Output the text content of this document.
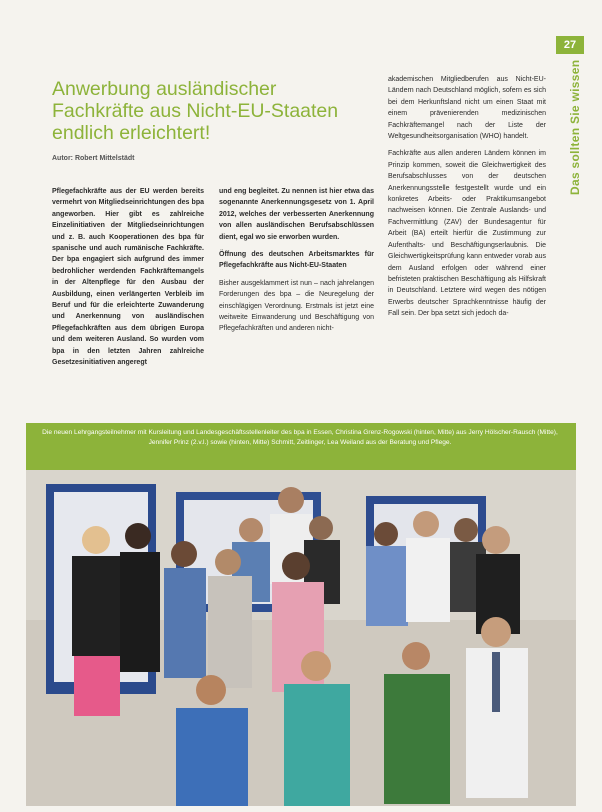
27
Das sollten Sie wissen
Anwerbung ausländischer Fachkräfte aus Nicht-EU-Staaten endlich erleichtert!
Autor: Robert Mittelstädt

Pflegefachkräfte aus der EU werden bereits vermehrt von Mitgliedseinrichtungen des bpa angeworben. Hier gibt es zahlreiche Einzelinitiativen der Mitgliedseinrichtungen und z. B. auch Kooperationen des bpa für spanische und auch rumänische Fachkräfte. Der bpa engagiert sich aufgrund des immer bedrohlicher werdenden Fachkräftemangels in der Altenpflege für den Ausbau der Ausbildung, einen verlängerten Verbleib im Beruf und für die erleichterte Zuwanderung und Anerkennung von ausländischen Pflegefachkräften aus dem übrigen Europa und dem weiteren Ausland. So wurden vom bpa in den letzten Jahren zahlreiche Gesetzesinitiativen angeregt

und eng begleitet. Zu nennen ist hier etwa das sogenannte Anerkennungsgesetz von 1. April 2012, welches der verbesserten Anerkennung von allen ausländischen Berufsabschlüssen dient, egal wo sie erworben wurden.

Öffnung des deutschen Arbeitsmarktes für Pflegefachkräfte aus Nicht-EU-Staaten

Bisher ausgeklammert ist nun – nach jahrelangen Forderungen des bpa – die Neuregelung der einschlägigen Verordnung. Erstmals ist jetzt eine weitweite Einwanderung und Beschäftigung von Pflegefachkräften und anderen nicht-

akademischen Mitgliedberufen aus Nicht-EU-Ländern nach Deutschland möglich, sofern es sich bei dem Herkunftsland nicht um einen Staat mit einem prävenierenden medizinischen Fachkräftemangel nach der Liste der Weltgesundheitsorganisation (WHO) handelt.

Fachkräfte aus allen anderen Ländern können im Prinzip kommen, soweit die Gleichwertigkeit des Berufsabschlusses von der deutschen Anerkennungsstelle festgestellt wurde und ein konkretes Arbeits- oder Praktikumsangebot nachweisen können. Die Zentrale Auslands- und Fachvermittlung (ZAV) der Bundesagentur für Arbeit (BA) erteilt hierfür die Zustimmung zur Aufenthalts- und Beschäftigungserlaubnis. Die Gleichwertigkeitsprüfung kann entweder vorab aus dem Ausland erfolgen oder während einer befristeten praktischen Beschäftigung als Hilfskraft in Deutschland. Letztere wird wegen des nötigen Erwerbs deutscher Sprachkenntnisse häufig der Fall sein. Der bpa setzt sich jedoch da-

Die neuen Lehrgangsteilnehmer mit Kursleitung und Landesgeschäftsstellenleiter des bpa in Essen, Christina Grenz-Rogowski (hinten, Mitte) aus Jerry Hölscher-Rausch (Mitte), Jennifer Prinz (2.v.l.) sowie (hinten, Mitte) Schmitt, Zeitlinger, Lea Weiland aus der Beratung und Pflege.
